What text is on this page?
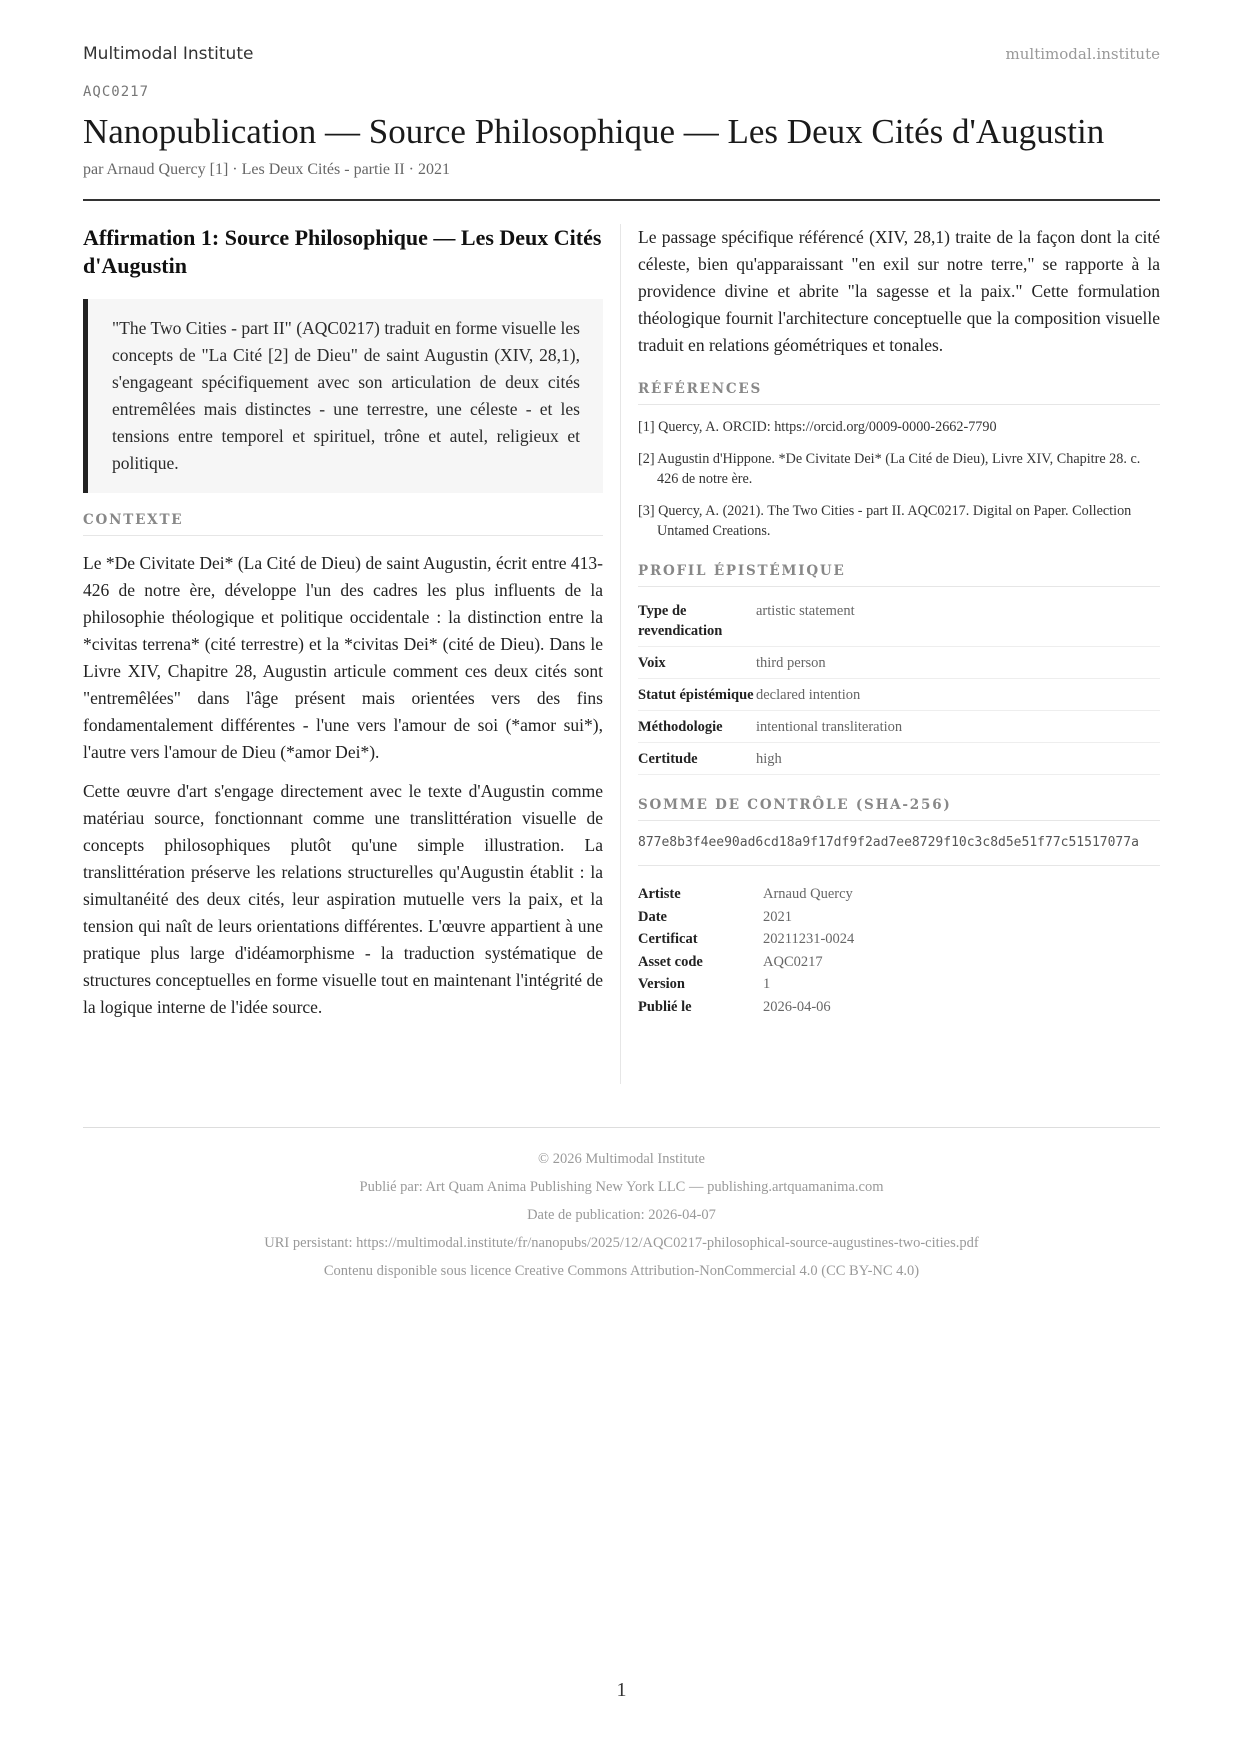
Multimodal Institute	multimodal.institute
AQC0217
Nanopublication — Source Philosophique — Les Deux Cités d'Augustin
par Arnaud Quercy [1] · Les Deux Cités - partie II · 2021
Affirmation 1: Source Philosophique — Les Deux Cités d'Augustin

"The Two Cities - part II" (AQC0217) traduit en forme visuelle les concepts de "La Cité [2] de Dieu" de saint Augustin (XIV, 28,1), s'engageant spécifiquement avec son articulation de deux cités entremêlées mais distinctes - une terrestre, une céleste - et les tensions entre temporel et spirituel, trône et autel, religieux et politique.

CONTEXTE

Le *De Civitate Dei* (La Cité de Dieu) de saint Augustin, écrit entre 413-426 de notre ère, développe l'un des cadres les plus influents de la philosophie théologique et politique occidentale : la distinction entre la *civitas terrena* (cité terrestre) et la *civitas Dei* (cité de Dieu). Dans le Livre XIV, Chapitre 28, Augustin articule comment ces deux cités sont "entremêlées" dans l'âge présent mais orientées vers des fins fondamentalement différentes - l'une vers l'amour de soi (*amor sui*), l'autre vers l'amour de Dieu (*amor Dei*).

Cette œuvre d'art s'engage directement avec le texte d'Augustin comme matériau source, fonctionnant comme une translittération visuelle de concepts philosophiques plutôt qu'une simple illustration. La translittération préserve les relations structurelles qu'Augustin établit : la simultanéité des deux cités, leur aspiration mutuelle vers la paix, et la tension qui naît de leurs orientations différentes. L'œuvre appartient à une pratique plus large d'idéamorphisme - la traduction systématique de structures conceptuelles en forme visuelle tout en maintenant l'intégrité de la logique interne de l'idée source.

Le passage spécifique référencé (XIV, 28,1) traite de la façon dont la cité céleste, bien qu'apparaissant "en exil sur notre terre," se rapporte à la providence divine et abrite "la sagesse et la paix." Cette formulation théologique fournit l'architecture conceptuelle que la composition visuelle traduit en relations géométriques et tonales.

RÉFÉRENCES
[1] Quercy, A. ORCID: https://orcid.org/0009-0000-2662-7790
[2] Augustin d'Hippone. *De Civitate Dei* (La Cité de Dieu), Livre XIV, Chapitre 28. c. 426 de notre ère.
[3] Quercy, A. (2021). The Two Cities - part II. AQC0217. Digital on Paper. Collection Untamed Creations.
PROFIL ÉPISTÉMIQUE
Type de revendication	artistic statement
Voix	third person
Statut épistémique	declared intention
Méthodologie	intentional transliteration
Certitude	high
SOMME DE CONTRÔLE (SHA-256)
877e8b3f4ee90ad6cd18a9f17df9f2ad7ee8729f10c3c8d5e51f77c51517077a
Artiste	Arnaud Quercy
Date	2021
Certificat	20211231-0024
Asset code	AQC0217
Version	1
Publié le	2026-04-06
© 2026 Multimodal Institute
Publié par: Art Quam Anima Publishing New York LLC — publishing.artquamanima.com
Date de publication: 2026-04-07
URI persistant: https://multimodal.institute/fr/nanopubs/2025/12/AQC0217-philosophical-source-augustines-two-cities.pdf
Contenu disponible sous licence Creative Commons Attribution-NonCommercial 4.0 (CC BY-NC 4.0)
1
